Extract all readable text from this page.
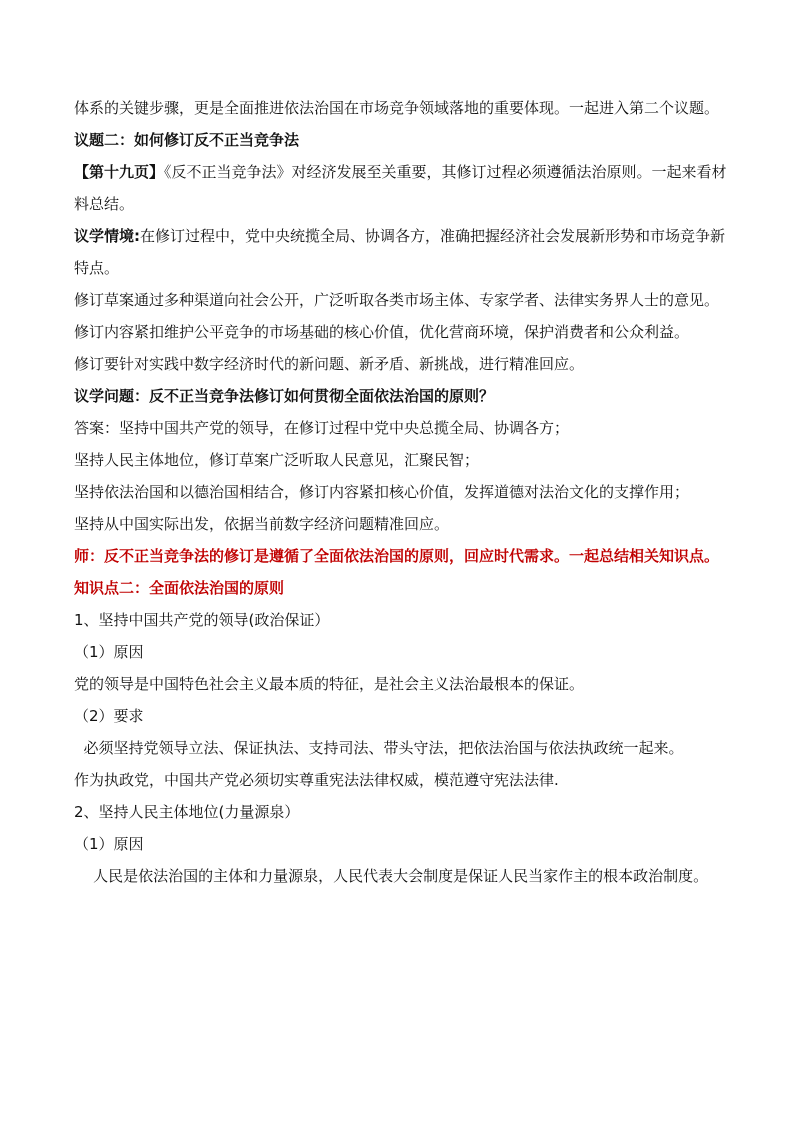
体系的关键步骤，更是全面推进依法治国在市场竞争领域落地的重要体现。一起进入第二个议题。
议题二：如何修订反不正当竞争法
【第十九页】《反不正当竞争法》对经济发展至关重要，其修订过程必须遵循法治原则。一起来看材料总结。
议学情境:在修订过程中，党中央统揽全局、协调各方，准确把握经济社会发展新形势和市场竞争新特点。
修订草案通过多种渠道向社会公开，广泛听取各类市场主体、专家学者、法律实务界人士的意见。
修订内容紧扣维护公平竞争的市场基础的核心价值，优化营商环境，保护消费者和公众利益。
修订要针对实践中数字经济时代的新问题、新矛盾、新挑战，进行精准回应。
议学问题：反不正当竞争法修订如何贯彻全面依法治国的原则？
答案：坚持中国共产党的领导，在修订过程中党中央总揽全局、协调各方；
坚持人民主体地位，修订草案广泛听取人民意见，汇聚民智；
坚持依法治国和以德治国相结合，修订内容紧扣核心价值，发挥道德对法治文化的支撑作用；
坚持从中国实际出发，依据当前数字经济问题精准回应。
师：反不正当竞争法的修订是遵循了全面依法治国的原则，回应时代需求。一起总结相关知识点。
知识点二：全面依法治国的原则
1、坚持中国共产党的领导(政治保证）
（1）原因
党的领导是中国特色社会主义最本质的特征，是社会主义法治最根本的保证。
（2）要求
必须坚持党领导立法、保证执法、支持司法、带头守法，把依法治国与依法执政统一起来。
作为执政党，中国共产党必须切实尊重宪法法律权威，模范遵守宪法法律.
2、坚持人民主体地位(力量源泉）
（1）原因
人民是依法治国的主体和力量源泉，人民代表大会制度是保证人民当家作主的根本政治制度。
